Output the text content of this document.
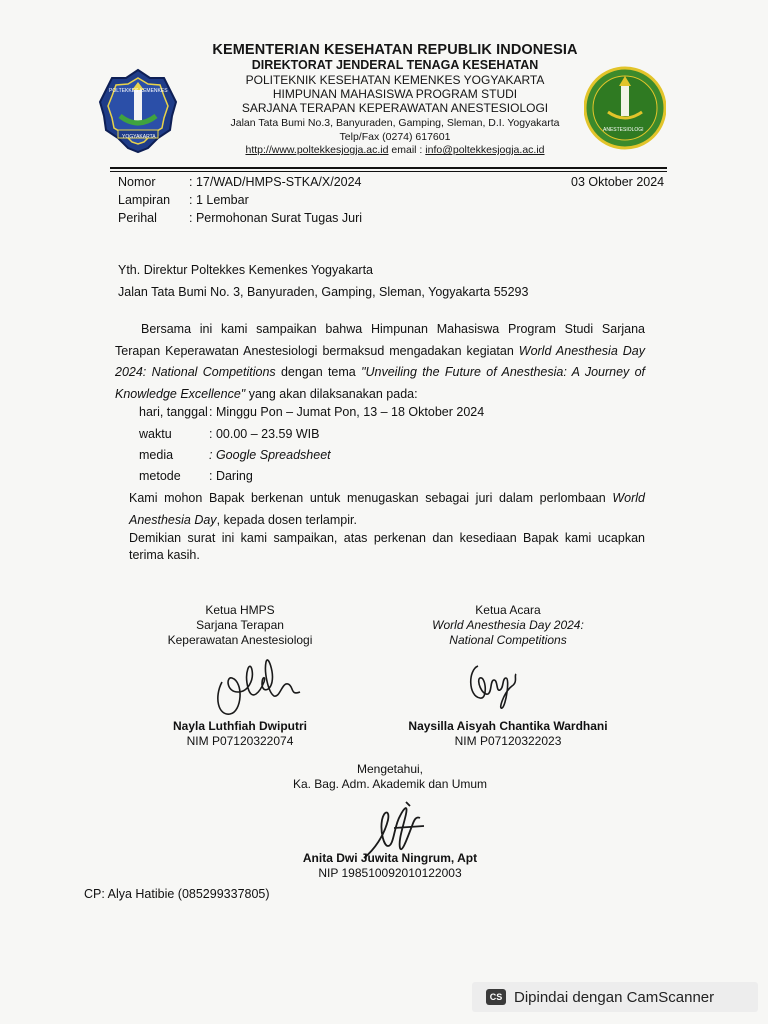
POLTEKKES KEMENKES
YOGYAKARTA
ANESTESIOLOGI
KEMENTERIAN KESEHATAN REPUBLIK INDONESIA
DIREKTORAT JENDERAL TENAGA KESEHATAN
POLITEKNIK KESEHATAN KEMENKES YOGYAKARTA
HIMPUNAN MAHASISWA PROGRAM STUDI
SARJANA TERAPAN KEPERAWATAN ANESTESIOLOGI
Jalan Tata Bumi No.3, Banyuraden, Gamping, Sleman, D.I. Yogyakarta
Telp/Fax (0274) 617601
http://www.poltekkesjogja.ac.id email : info@poltekkesjogja.ac.id
Nomor	: 17/WAD/HMPS-STKA/X/2024	03 Oktober 2024
Lampiran : 1 Lembar
Perihal	: Permohonan Surat Tugas Juri
Yth. Direktur Poltekkes Kemenkes Yogyakarta
Jalan Tata Bumi No. 3, Banyuraden, Gamping, Sleman, Yogyakarta 55293
Bersama ini kami sampaikan bahwa Himpunan Mahasiswa Program Studi Sarjana Terapan Keperawatan Anestesiologi bermaksud mengadakan kegiatan World Anesthesia Day 2024: National Competitions dengan tema "Unveiling the Future of Anesthesia: A Journey of Knowledge Excellence" yang akan dilaksanakan pada:
hari, tanggal : Minggu Pon – Jumat Pon, 13 – 18 Oktober 2024
waktu	: 00.00 – 23.59 WIB
media	: Google Spreadsheet
metode : Daring
Kami mohon Bapak berkenan untuk menugaskan sebagai juri dalam perlombaan World Anesthesia Day, kepada dosen terlampir.
Demikian surat ini kami sampaikan, atas perkenan dan kesediaan Bapak kami ucapkan terima kasih.
Ketua HMPS
Sarjana Terapan
Keperawatan Anestesiologi
Nayla Luthfiah Dwiputri
NIM P07120322074
Ketua Acara
World Anesthesia Day 2024:
National Competitions
Naysilla Aisyah Chantika Wardhani
NIM P07120322023
Mengetahui,
Ka. Bag. Adm. Akademik dan Umum
Anita Dwi Juwita Ningrum, Apt
NIP 198510092010122003
CP: Alya Hatibie (085299337805)
CS Dipindai dengan CamScanner
